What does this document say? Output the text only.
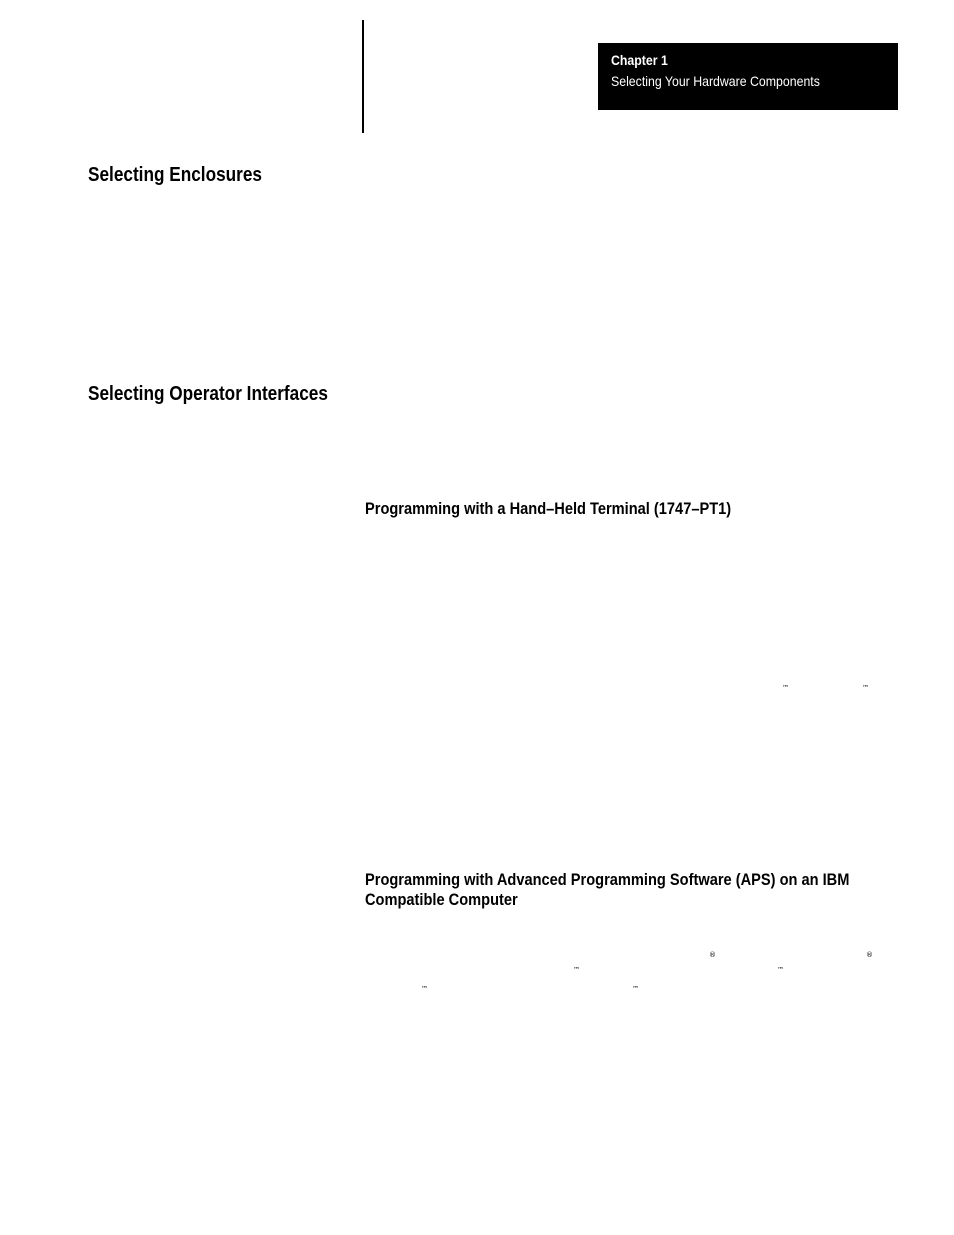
Chapter 1
Selecting Your Hardware Components
Selecting Enclosures
Selecting Operator Interfaces
Programming with a Hand–Held Terminal (1747–PT1)
™	™
Programming with Advanced Programming Software (APS) on an IBM Compatible Computer
®	®
™	™
™	™
